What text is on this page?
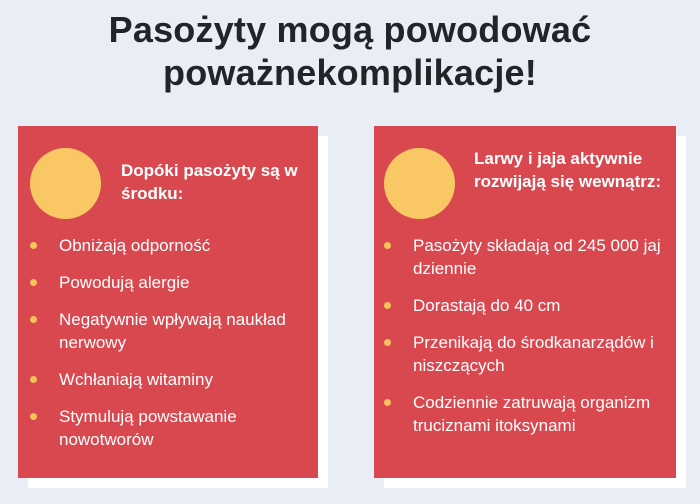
Pasożyty mogą powodować
poważnekomplikacje!
Dopóki pasożyty są w środku:
Obniżają odporność
Powodują alergie
Negatywnie wpływają naukład nerwowy
Wchłaniają witaminy
Stymulują powstawanie nowotworów
Larwy i jaja aktywnie rozwijają się wewnątrz:
Pasożyty składają od 245 000 jaj dziennie
Dorastają do 40 cm
Przenikają do środkanarządów i niszczących
Codziennie zatruwają organizm truciznami itoksynami
